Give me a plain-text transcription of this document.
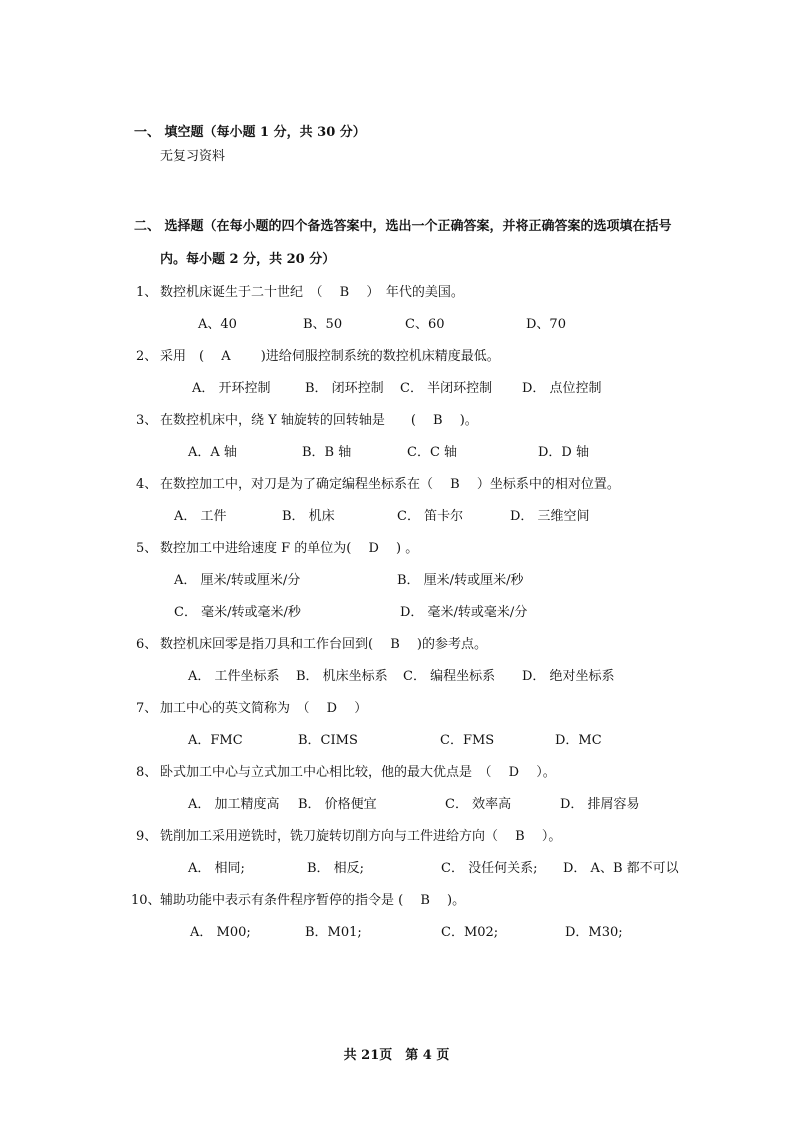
一、 填空题（每小题 1 分，共 30 分）
无复习资料
二、 选择题（在每小题的四个备选答案中，选出一个正确答案，并将正确答案的选项填在括号
内。每小题 2 分，共 20 分）
1、 数控机床诞生于二十世纪　（　 B　 ）　年代的美国。
A、40	B、50	C、60	D、70
2、 采用　(　 A　 　)进给伺服控制系统的数控机床精度最低。
A． 开环控制	B． 闭环控制 C． 半闭环控制 D． 点位控制
3、 在数控机床中，绕 Y 轴旋转的回转轴是　　(　 B　 )。
A．A 轴	B．B 轴	C．C 轴	D．D 轴
4、 在数控加工中，对刀是为了确定编程坐标系在（　 B　 ）坐标系中的相对位置。
A． 工件	B． 机床	C． 笛卡尔	D． 三维空间
5、 数控加工中进给速度 F 的单位为(　 D　 ) 。
A． 厘米/转或厘米/分	B． 厘米/转或厘米/秒
C． 毫米/转或毫米/秒	D． 毫米/转或毫米/分
6、 数控机床回零是指刀具和工作台回到(　 B　 )的参考点。
A． 工件坐标系 B． 机床坐标系 C． 编程坐标系 D． 绝对坐标系
7、 加工中心的英文简称为　（　 D　 ）
A．FMC	B．CIMS	C．FMS	D．MC
8、 卧式加工中心与立式加工中心相比较，他的最大优点是　（　 D　 ）。
A． 加工精度高 B． 价格便宜	C． 效率高	D． 排屑容易
9、 铣削加工采用逆铣时，铣刀旋转切削方向与工件进给方向（　 B　 ）。
A． 相同;	B． 相反;	C． 没任何关系; D． A、B 都不可以
10、 辅助功能中表示有条件程序暂停的指令是 (　 B　 )。
A． M00;	B．M01;	C．M02;	D．M30;
共 21页　第 4 页
